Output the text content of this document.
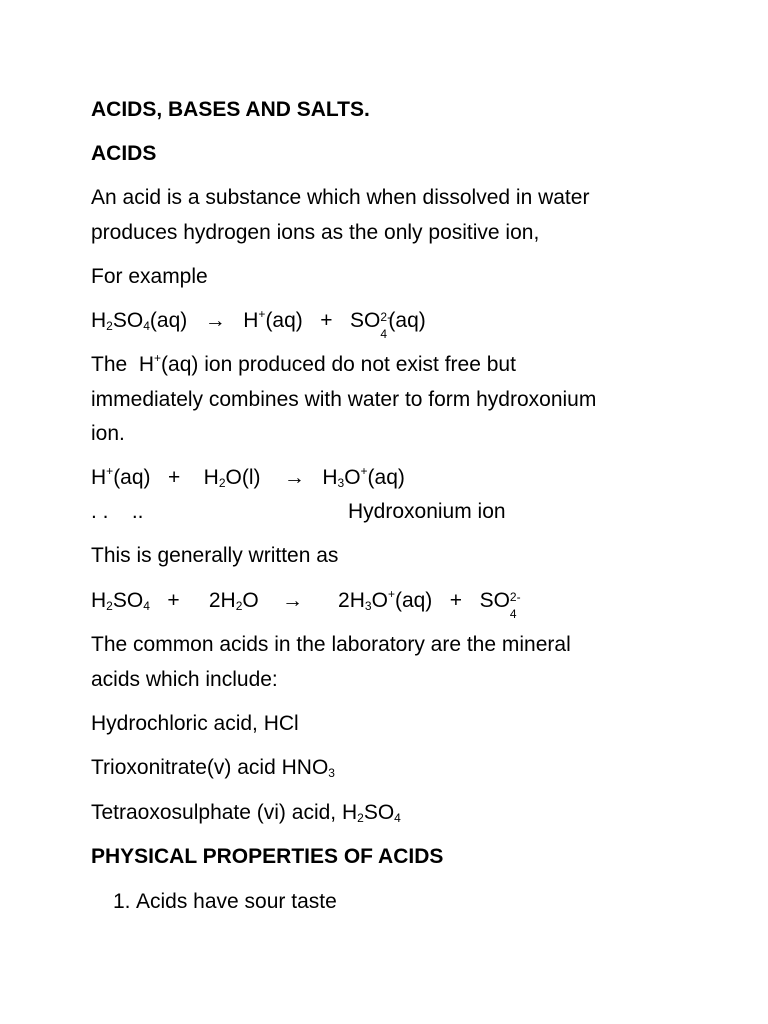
ACIDS, BASES AND SALTS.
ACIDS
An acid is a substance which when dissolved in water
produces hydrogen ions as the only positive ion,
For example
$H_2SO_4(aq) \to H^+(aq)$   +   SO 2-
4
(aq)
The  H+(aq) ion produced do not exist free but
immediately combines with water to form hydroxonium
ion.
H+(aq)   +    $H_2O(l)$    →   $H_3O^+(aq)$
. .    ..	Hydroxonium ion
This is generally written as
$H_2SO_4$   +     $2H_2O$    →      $2H_3O^+(aq)$   +   SO 2-
4
The common acids in the laboratory are the mineral
acids which include:
Hydrochloric acid, HCl
Trioxonitrate(v) acid $HNO_3$
Tetraoxosulphate (vi) acid, $H_2SO_4$
PHYSICAL PROPERTIES OF ACIDS
1. Acids have sour taste
